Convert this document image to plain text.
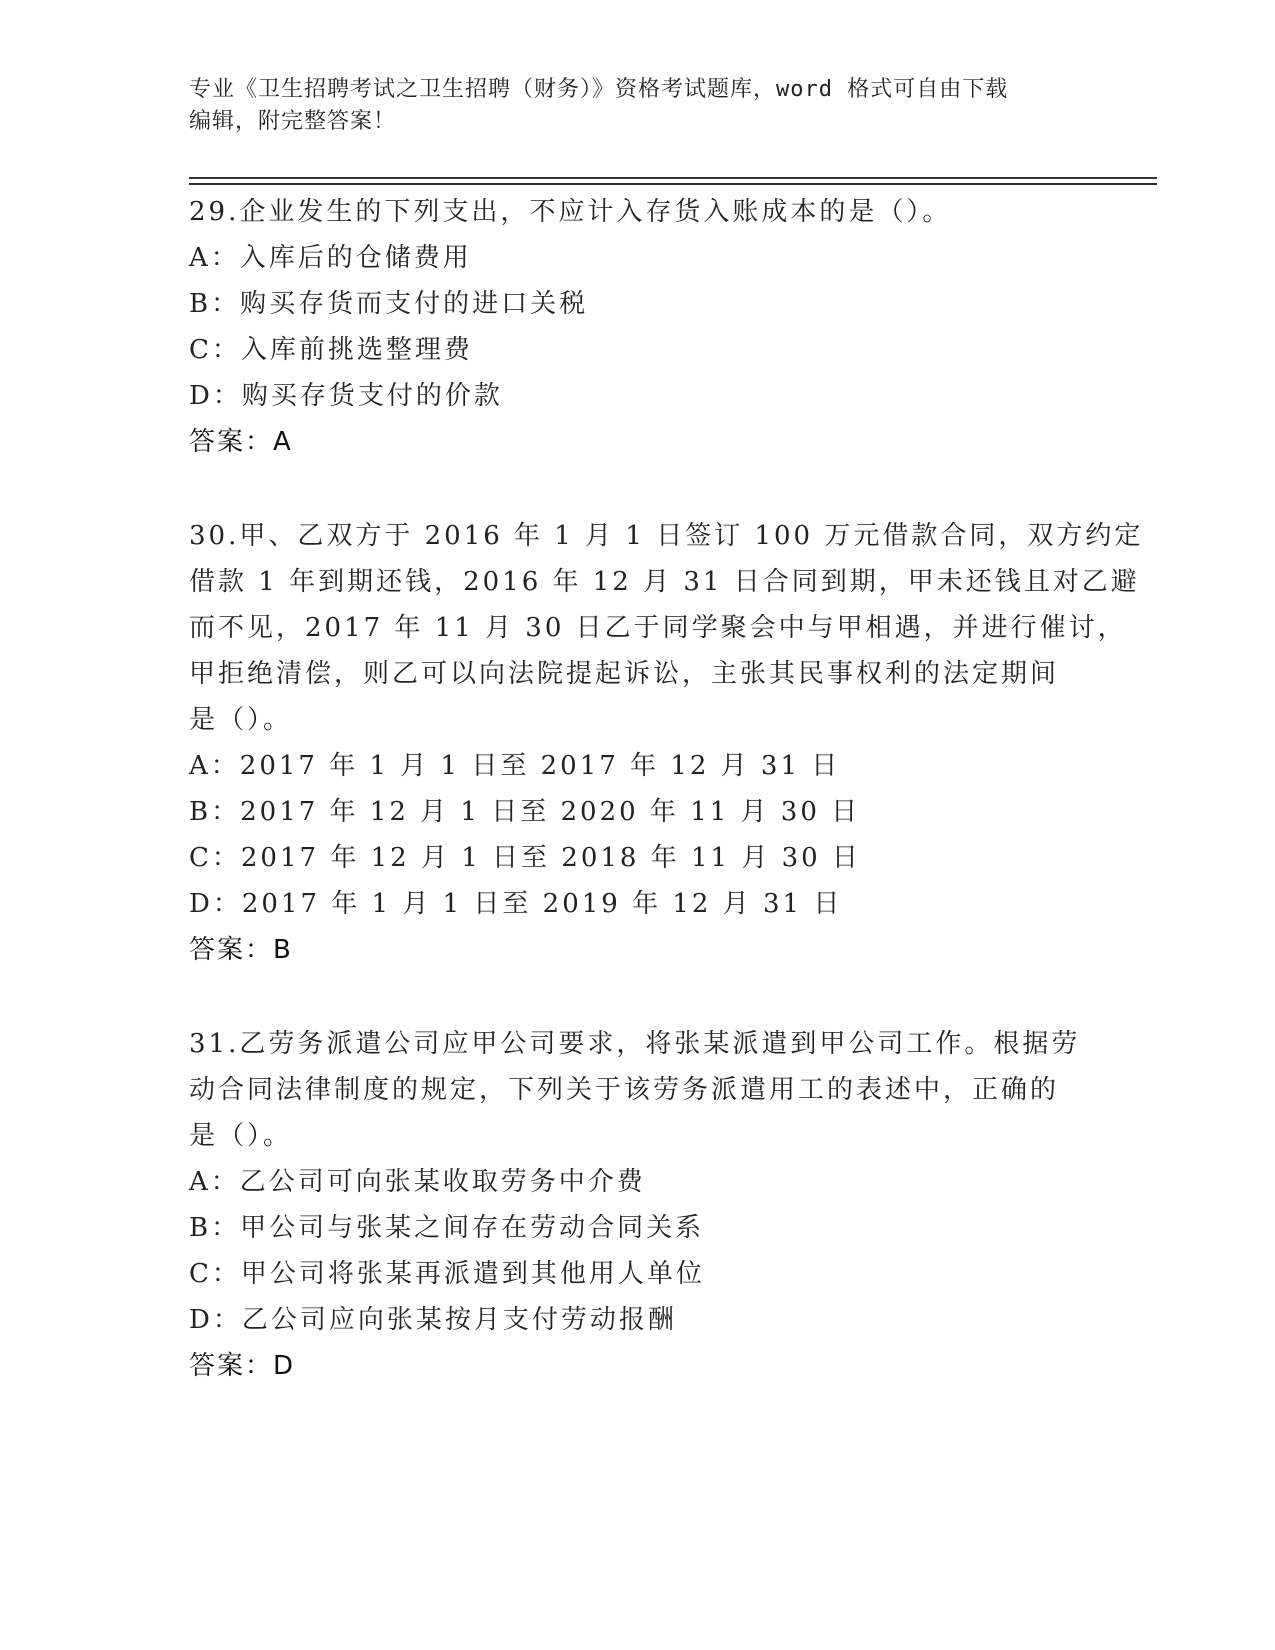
专业《卫生招聘考试之卫生招聘（财务）》资格考试题库，word 格式可自由下载
编辑，附完整答案！
29.企业发生的下列支出，不应计入存货入账成本的是（）。
A：入库后的仓储费用
B：购买存货而支付的进口关税
C：入库前挑选整理费
D：购买存货支付的价款
答案：A
30.甲、乙双方于 2016 年 1 月 1 日签订 100 万元借款合同，双方约定
借款 1 年到期还钱，2016 年 12 月 31 日合同到期，甲未还钱且对乙避
而不见，2017 年 11 月 30 日乙于同学聚会中与甲相遇，并进行催讨，
甲拒绝清偿，则乙可以向法院提起诉讼，主张其民事权利的法定期间
是（）。
A：2017 年 1 月 1 日至 2017 年 12 月 31 日
B：2017 年 12 月 1 日至 2020 年 11 月 30 日
C：2017 年 12 月 1 日至 2018 年 11 月 30 日
D：2017 年 1 月 1 日至 2019 年 12 月 31 日
答案：B
31.乙劳务派遣公司应甲公司要求，将张某派遣到甲公司工作。根据劳
动合同法律制度的规定，下列关于该劳务派遣用工的表述中，正确的
是（）。
A：乙公司可向张某收取劳务中介费
B：甲公司与张某之间存在劳动合同关系
C：甲公司将张某再派遣到其他用人单位
D：乙公司应向张某按月支付劳动报酬
答案：D
